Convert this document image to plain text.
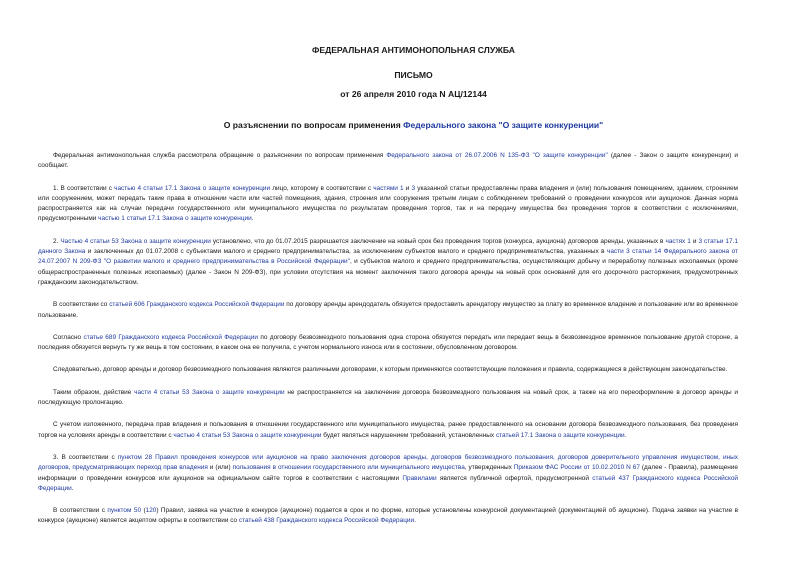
ФЕДЕРАЛЬНАЯ АНТИМОНОПОЛЬНАЯ СЛУЖБА
ПИСЬМО
от 26 апреля 2010 года N АЦ/12144
О разъяснении по вопросам применения Федерального закона "О защите конкуренции"

Федеральная антимонопольная служба рассмотрела обращение о разъяснении по вопросам применения Федерального закона от 26.07.2006 N 135-ФЗ "О защите конкуренции" (далее - Закон о защите конкуренции) и сообщает.

1. В соответствии с частью 4 статьи 17.1 Закона о защите конкуренции лицо, которому в соответствии с частями 1 и 3 указанной статьи предоставлены права владения и (или) пользования помещением, зданием, строением или сооружением, может передать такие права в отношении части или частей помещения, здания, строения или сооружения третьим лицам с соблюдением требований о проведении конкурсов или аукционов. Данная норма распространяется как на случаи передачи государственного или муниципального имущества по результатам проведения торгов, так и на передачу имущества без проведения торгов в соответствии с исключениями, предусмотренными частью 1 статьи 17.1 Закона о защите конкуренции.

2. Частью 4 статьи 53 Закона о защите конкуренции установлено, что до 01.07.2015 разрешается заключение на новый срок без проведения торгов (конкурса, аукциона) договоров аренды, указанных в частях 1 и 3 статьи 17.1 данного Закона и заключенных до 01.07.2008 с субъектами малого и среднего предпринимательства, за исключением субъектов малого и среднего предпринимательства, указанных в части 3 статьи 14 Федерального закона от 24.07.2007 N 209-ФЗ "О развитии малого и среднего предпринимательства в Российской Федерации", и субъектов малого и среднего предпринимательства, осуществляющих добычу и переработку полезных ископаемых (кроме общераспространенных полезных ископаемых) (далее - Закон N 209-ФЗ), при условии отсутствия на момент заключения такого договора аренды на новый срок оснований для его досрочного расторжения, предусмотренных гражданским законодательством.

В соответствии со статьей 606 Гражданского кодекса Российской Федерации по договору аренды арендодатель обязуется предоставить арендатору имущество за плату во временное владение и пользование или во временное пользование.

Согласно статье 689 Гражданского кодекса Российской Федерации по договору безвозмездного пользования одна сторона обязуется передать или передает вещь в безвозмездное временное пользование другой стороне, а последняя обязуется вернуть ту же вещь в том состоянии, в каком она ее получила, с учетом нормального износа или в состоянии, обусловленном договором.

Следовательно, договор аренды и договор безвозмездного пользования являются различными договорами, к которым применяются соответствующие положения и правила, содержащиеся в действующем законодательстве.

Таким образом, действие части 4 статьи 53 Закона о защите конкуренции не распространяется на заключение договора безвозмездного пользования на новый срок, а также на его переоформление в договор аренды и последующую пролонгацию.

С учетом изложенного, передача прав владения и пользования в отношении государственного или муниципального имущества, ранее предоставленного на основании договора безвозмездного пользования, без проведения торгов на условиях аренды в соответствии с частью 4 статьи 53 Закона о защите конкуренции будет являться нарушением требований, установленных статьей 17.1 Закона о защите конкуренции.

3. В соответствии с пунктом 28 Правил проведения конкурсов или аукционов на право заключения договоров аренды, договоров безвозмездного пользования, договоров доверительного управления имуществом, иных договоров, предусматривающих переход прав владения и (или) пользования в отношении государственного или муниципального имущества, утвержденных Приказом ФАС России от 10.02.2010 N 67 (далее - Правила), размещение информации о проведении конкурсов или аукционов на официальном сайте торгов в соответствии с настоящими Правилами является публичной офертой, предусмотренной статьей 437 Гражданского кодекса Российской Федерации.

В соответствии с пунктом 50 (120) Правил, заявка на участие в конкурсе (аукционе) подается в срок и по форме, которые установлены конкурсной документацией (документацией об аукционе). Подача заявки на участие в конкурсе (аукционе) является акцептом оферты в соответствии со статьей 438 Гражданского кодекса Российской Федерации.
